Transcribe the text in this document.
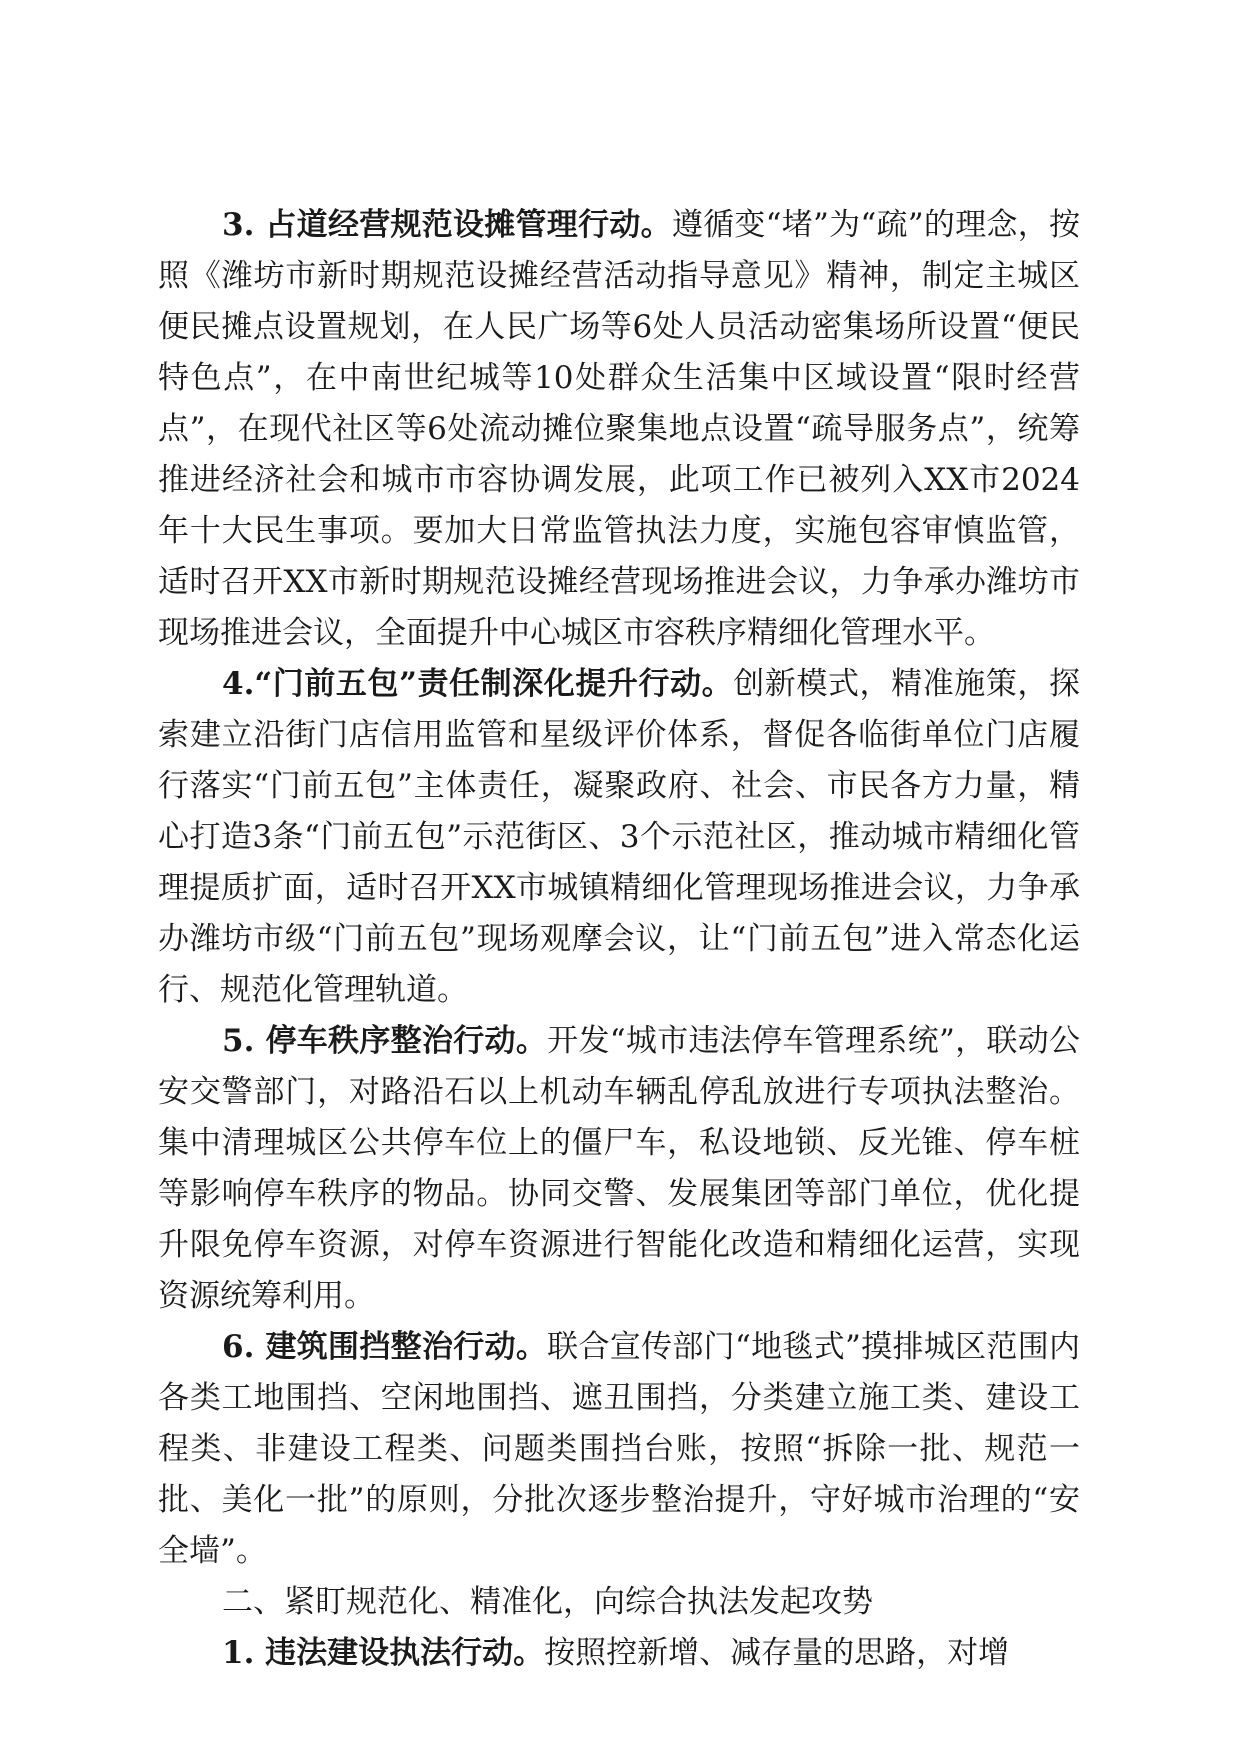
3. 占道经营规范设摊管理行动。遵循变“堵”为“疏”的理念，按照《潍坊市新时期规范设摊经营活动指导意见》精神，制定主城区便民摊点设置规划，在人民广场等6处人员活动密集场所设置“便民特色点”，在中南世纪城等10处群众生活集中区域设置“限时经营点”，在现代社区等6处流动摊位聚集地点设置“疏导服务点”，统筹推进经济社会和城市市容协调发展，此项工作已被列入XX市2024年十大民生事项。要加大日常监管执法力度，实施包容审慎监管，适时召开XX市新时期规范设摊经营现场推进会议，力争承办潍坊市现场推进会议，全面提升中心城区市容秩序精细化管理水平。

4.“门前五包”责任制深化提升行动。创新模式，精准施策，探索建立沿街门店信用监管和星级评价体系，督促各临街单位门店履行落实“门前五包”主体责任，凝聚政府、社会、市民各方力量，精心打造3条“门前五包”示范街区、3个示范社区，推动城市精细化管理提质扩面，适时召开XX市城镇精细化管理现场推进会议，力争承办潍坊市级“门前五包”现场观摩会议，让“门前五包”进入常态化运行、规范化管理轨道。

5. 停车秩序整治行动。开发“城市违法停车管理系统”，联动公安交警部门，对路沿石以上机动车辆乱停乱放进行专项执法整治。集中清理城区公共停车位上的僵尸车，私设地锁、反光锥、停车桩等影响停车秩序的物品。协同交警、发展集团等部门单位，优化提升限免停车资源，对停车资源进行智能化改造和精细化运营，实现资源统筹利用。

6. 建筑围挡整治行动。联合宣传部门“地毯式”摸排城区范围内各类工地围挡、空闲地围挡、遮丑围挡，分类建立施工类、建设工程类、非建设工程类、问题类围挡台账，按照“拆除一批、规范一批、美化一批”的原则，分批次逐步整治提升，守好城市治理的“安全墙”。

二、紧盯规范化、精准化，向综合执法发起攻势

1. 违法建设执法行动。按照控新增、减存量的思路，对增
